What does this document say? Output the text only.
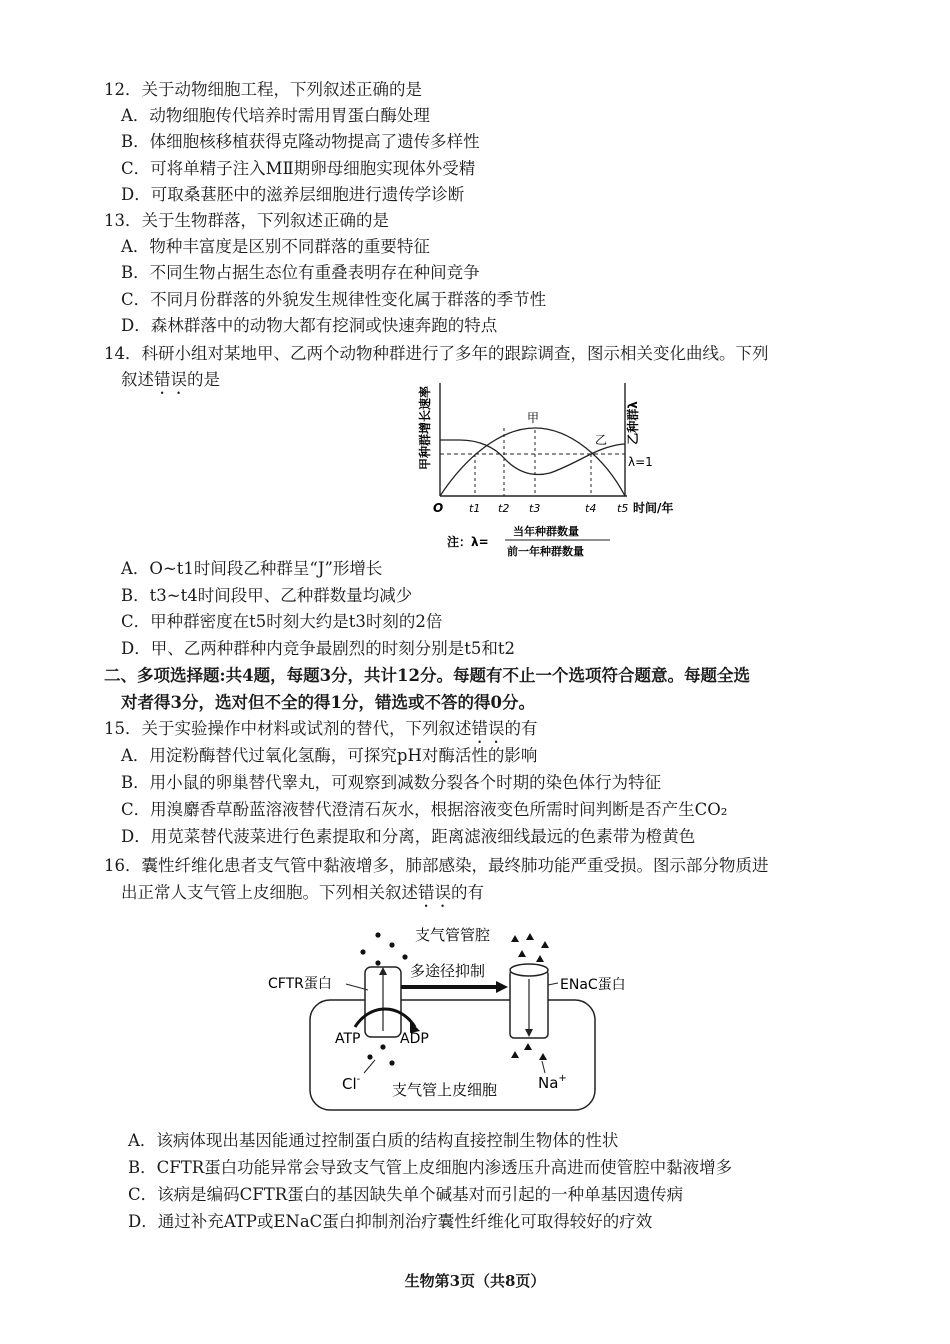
12．关于动物细胞工程，下列叙述正确的是
A．动物细胞传代培养时需用胃蛋白酶处理
B．体细胞核移植获得克隆动物提高了遗传多样性
C．可将单精子注入MⅡ期卵母细胞实现体外受精
D．可取桑葚胚中的滋养层细胞进行遗传学诊断
13．关于生物群落，下列叙述正确的是
A．物种丰富度是区别不同群落的重要特征
B．不同生物占据生态位有重叠表明存在种间竞争
C．不同月份群落的外貌发生规律性变化属于群落的季节性
D．森林群落中的动物大都有挖洞或快速奔跑的特点
14．科研小组对某地甲、乙两个动物种群进行了多年的跟踪调查，图示相关变化曲线。下列
叙述错误的是
甲种群增长速率	乙种群λ
甲
乙
λ=1
O t1 t2 t3	t4 t5 时间/年
注：λ=
当年种群数量
前一年种群数量
A．O~t1时间段乙种群呈“J”形增长
B．t3~t4时间段甲、乙种群数量均减少
C．甲种群密度在t5时刻大约是t3时刻的2倍
D．甲、乙两种群种内竞争最剧烈的时刻分别是t5和t2
二、多项选择题:共4题，每题3分，共计12分。每题有不止一个选项符合题意。每题全选
对者得3分，选对但不全的得1分，错选或不答的得0分。
15．关于实验操作中材料或试剂的替代，下列叙述错误的有
A．用淀粉酶替代过氧化氢酶，可探究pH对酶活性的影响
B．用小鼠的卵巢替代睾丸，可观察到减数分裂各个时期的染色体行为特征
C．用溴麝香草酚蓝溶液替代澄清石灰水，根据溶液变色所需时间判断是否产生CO₂
D．用苋菜替代菠菜进行色素提取和分离，距离滤液细线最远的色素带为橙黄色
16．囊性纤维化患者支气管中黏液增多，肺部感染，最终肺功能严重受损。图示部分物质进
出正常人支气管上皮细胞。下列相关叙述错误的有
支气管管腔
CFTR蛋白
多途径抑制
ENaC蛋白
ATP	ADP
Cl-	Na+
支气管上皮细胞
A．该病体现出基因能通过控制蛋白质的结构直接控制生物体的性状
B．CFTR蛋白功能异常会导致支气管上皮细胞内渗透压升高进而使管腔中黏液增多
C．该病是编码CFTR蛋白的基因缺失单个碱基对而引起的一种单基因遗传病
D．通过补充ATP或ENaC蛋白抑制剂治疗囊性纤维化可取得较好的疗效
生物第3页（共8页）
